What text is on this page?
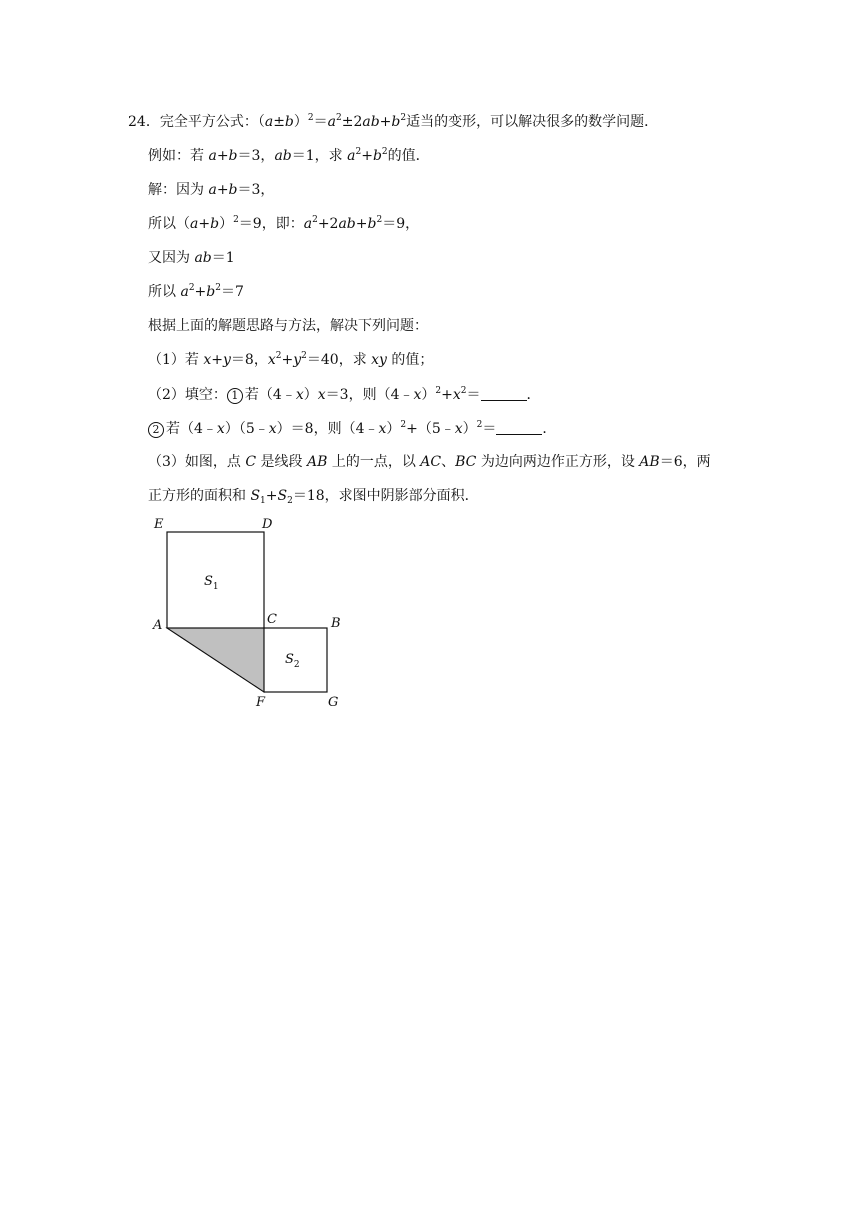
24．完全平方公式：$(a\pm b)^2=a^2\pm 2ab+b^2$适当的变形，可以解决很多的数学问题．
例如：若 a+b＝3，ab＝1，求 $a^2+b^2$的值．
解：因为 a+b＝3，
所以$(a+b)^2=9$，即：$a^2+2ab+b^2=9$，
又因为 ab＝1
所以 $a^2+b^2=7$
根据上面的解题思路与方法，解决下列问题：
（1）若 x+y＝8，$x^2+y^2=40$，求 xy 的值；
（2）填空： 1 若（4﹣x）x＝3，则$(4﹣x)^2+x^2=$	．
2 若（4﹣x）（5﹣x）＝8，则（4﹣x）$^2$+（5﹣x）$^2$＝	．
（3）如图，点 C 是线段 AB 上的一点，以 AC、BC 为边向两边作正方形，设 AB＝6，两
正方形的面积和 $S_1+S_2=18$，求图中阴影部分面积．
E	D
A	C	B
F	G
$S_1$
$S_2$
